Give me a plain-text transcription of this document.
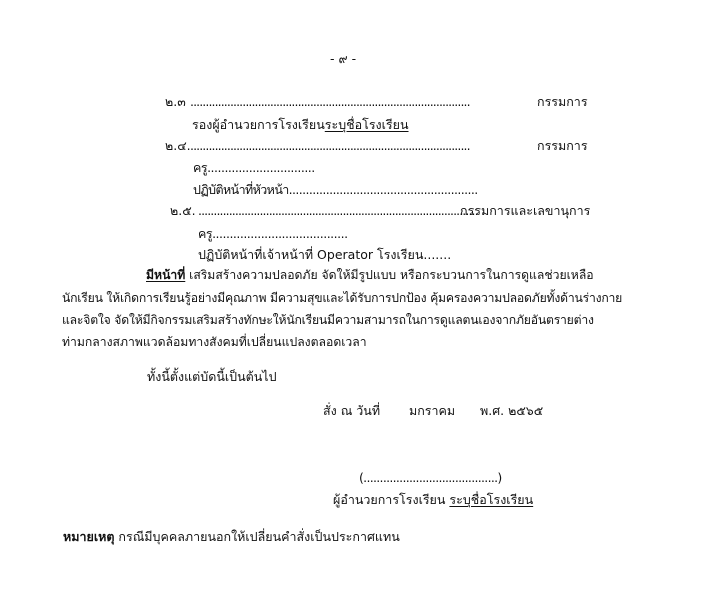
- ๙ -
๒.๓ ...........................................................................................	กรรมการ
รองผู้อำนวยการโรงเรียนระบุชื่อโรงเรียน
๒.๔. ...........................................................................................	กรรมการ
ครู...............................
ปฏิบัติหน้าที่หัวหน้า........................................................
๒.๕. ...........................................................................................
กรรมการและเลขานุการ
ครู.......................................
ปฏิบัติหน้าที่เจ้าหน้าที่ Operator โรงเรียน.......
มีหน้าที่ เสริมสร้างความปลอดภัย จัดให้มีรูปแบบ หรือกระบวนการในการดูแลช่วยเหลือ
นักเรียน ให้เกิดการเรียนรู้อย่างมีคุณภาพ มีความสุขและได้รับการปกป้อง คุ้มครองความปลอดภัยทั้งด้านร่างกาย
และจิตใจ จัดให้มีกิจกรรมเสริมสร้างทักษะให้นักเรียนมีความสามารถในการดูแลตนเองจากภัยอันตรายต่าง
ท่ามกลางสภาพแวดล้อมทางสังคมที่เปลี่ยนแปลงตลอดเวลา
ทั้งนี้ตั้งแต่บัดนี้เป็นต้นไป
สั่ง ณ วันที่ มกราคม พ.ศ. ๒๕๖๕
(.........................................)
ผู้อำนวยการโรงเรียน ระบุชื่อโรงเรียน
หมายเหตุ กรณีมีบุคคลภายนอกให้เปลี่ยนคำสั่งเป็นประกาศแทน
